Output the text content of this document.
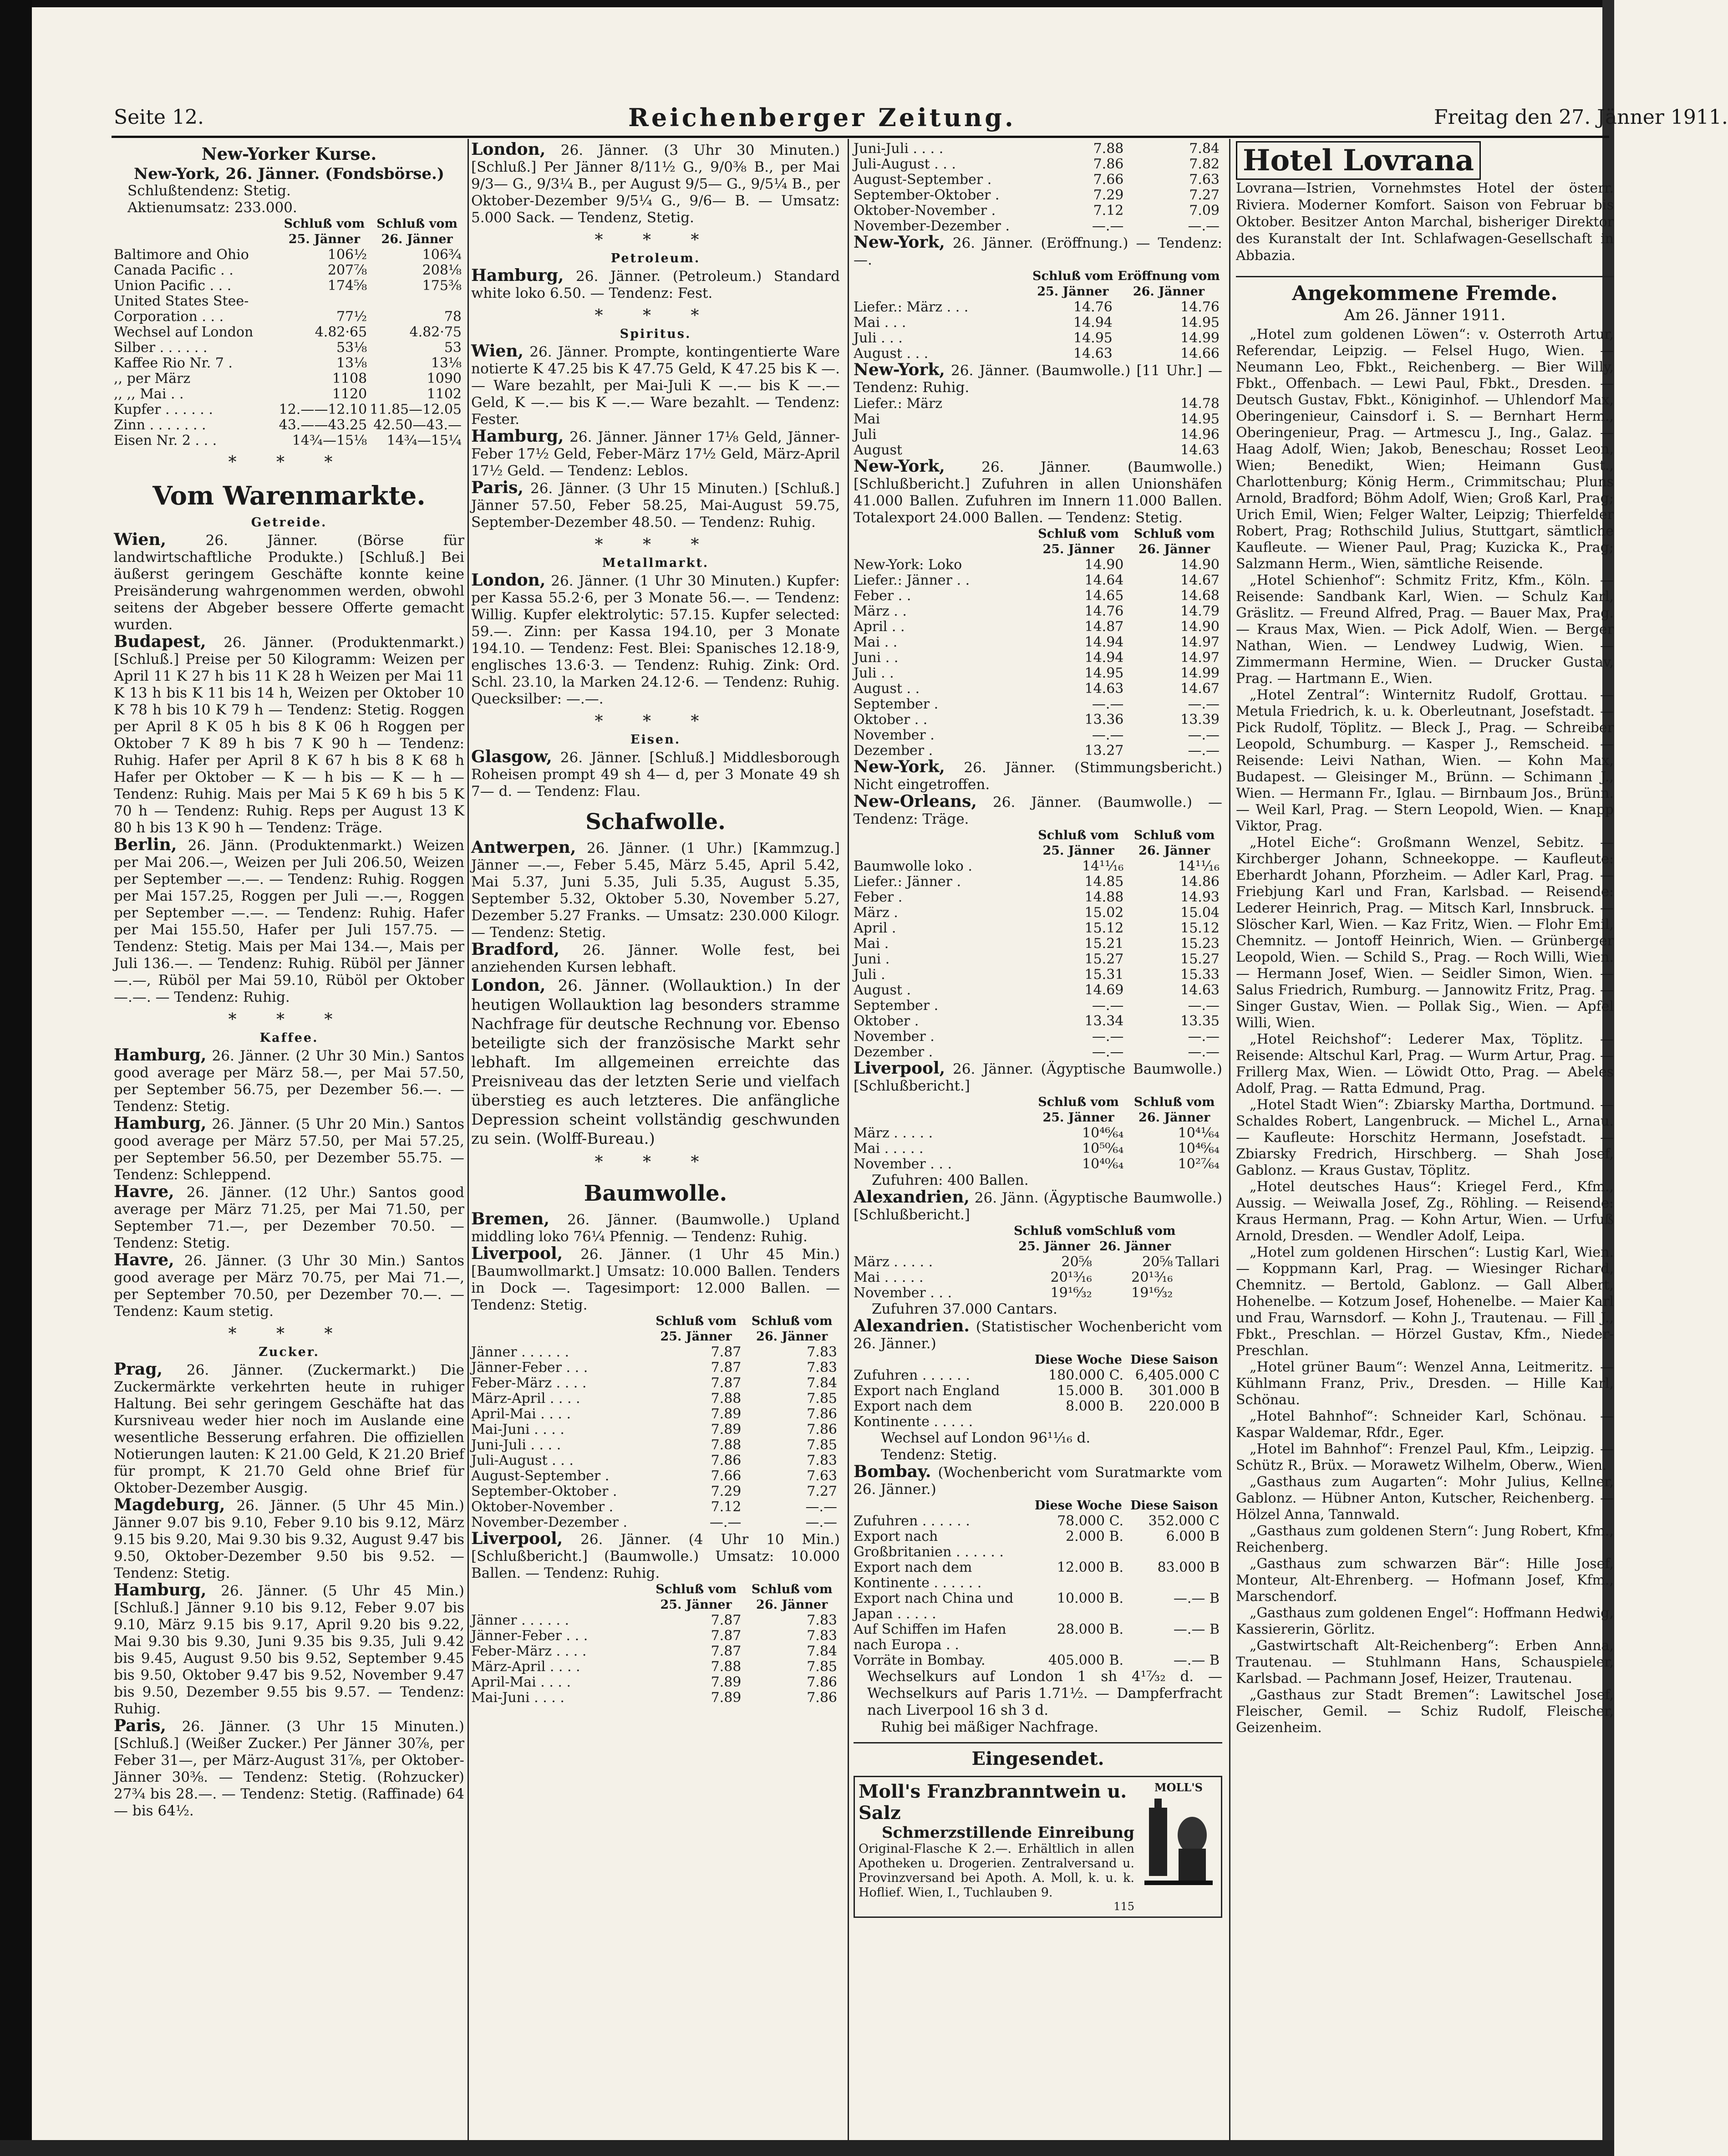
Seite 12.	Reichenberger Zeitung.	Freitag den 27. Jänner 1911.
New-Yorker Kurse.

New-York, 26. Jänner. (Fondsbörse.)

Schlußtendenz: Stetig.

Aktienumsatz: 233.000.

	Schluß vom
25. Jänner	Schluß vom
26. Jänner
Baltimore and Ohio	106½	106¾
Canada Pacific . .	207⅞	208⅛
Union Pacific . . .	174⅝	175⅜
United States Stee-		
Corporation . . .	77½	78
Wechsel auf London	4.82·65	4.82·75
Silber . . . . . .	53⅛	53
Kaffee Rio Nr. 7 .	13⅛	13⅛
,, per März	1108	1090
,, ,, Mai . .	1120	1102
Kupfer . . . . . .	12.——12.10	11.85—12.05
Zinn . . . . . . .	43.——43.25	42.50—43.—
Eisen Nr. 2 . . .	14¾—15⅛	14¾—15¼
* * *
Vom Warenmarkte.
Getreide.

Wien, 26. Jänner. (Börse für landwirtschaftliche Produkte.) [Schluß.] Bei äußerst geringem Geschäfte konnte keine Preisänderung wahrgenommen werden, obwohl seitens der Abgeber bessere Offerte gemacht wurden.

Budapest, 26. Jänner. (Produktenmarkt.) [Schluß.] Preise per 50 Kilogramm: Weizen per April 11 K 27 h bis 11 K 28 h Weizen per Mai 11 K 13 h bis K 11 bis 14 h, Weizen per Oktober 10 K 78 h bis 10 K 79 h — Tendenz: Stetig. Roggen per April 8 K 05 h bis 8 K 06 h Roggen per Oktober 7 K 89 h bis 7 K 90 h — Tendenz: Ruhig. Hafer per April 8 K 67 h bis 8 K 68 h Hafer per Oktober — K — h bis — K — h — Tendenz: Ruhig. Mais per Mai 5 K 69 h bis 5 K 70 h — Tendenz: Ruhig. Reps per August 13 K 80 h bis 13 K 90 h — Tendenz: Träge.

Berlin, 26. Jänn. (Produktenmarkt.) Weizen per Mai 206.—, Weizen per Juli 206.50, Weizen per September —.—. — Tendenz: Ruhig. Roggen per Mai 157.25, Roggen per Juli —.—, Roggen per September —.—. — Tendenz: Ruhig. Hafer per Mai 155.50, Hafer per Juli 157.75. — Tendenz: Stetig. Mais per Mai 134.—, Mais per Juli 136.—. — Tendenz: Ruhig. Rüböl per Jänner —.—, Rüböl per Mai 59.10, Rüböl per Oktober —.—. — Tendenz: Ruhig.

* * *
Kaffee.

Hamburg, 26. Jänner. (2 Uhr 30 Min.) Santos good average per März 58.—, per Mai 57.50, per September 56.75, per Dezember 56.—. — Tendenz: Stetig.

Hamburg, 26. Jänner. (5 Uhr 20 Min.) Santos good average per März 57.50, per Mai 57.25, per September 56.50, per Dezember 55.75. — Tendenz: Schleppend.

Havre, 26. Jänner. (12 Uhr.) Santos good average per März 71.25, per Mai 71.50, per September 71.—, per Dezember 70.50. — Tendenz: Stetig.

Havre, 26. Jänner. (3 Uhr 30 Min.) Santos good average per März 70.75, per Mai 71.—, per September 70.50, per Dezember 70.—. — Tendenz: Kaum stetig.

* * *
Zucker.

Prag, 26. Jänner. (Zuckermarkt.) Die Zuckermärkte verkehrten heute in ruhiger Haltung. Bei sehr geringem Geschäfte hat das Kursniveau weder hier noch im Auslande eine wesentliche Besserung erfahren. Die offiziellen Notierungen lauten: K 21.00 Geld, K 21.20 Brief für prompt, K 21.70 Geld ohne Brief für Oktober-Dezember Ausgig.

Magdeburg, 26. Jänner. (5 Uhr 45 Min.) Jänner 9.07 bis 9.10, Feber 9.10 bis 9.12, März 9.15 bis 9.20, Mai 9.30 bis 9.32, August 9.47 bis 9.50, Oktober-Dezember 9.50 bis 9.52. — Tendenz: Stetig.

Hamburg, 26. Jänner. (5 Uhr 45 Min.) [Schluß.] Jänner 9.10 bis 9.12, Feber 9.07 bis 9.10, März 9.15 bis 9.17, April 9.20 bis 9.22, Mai 9.30 bis 9.30, Juni 9.35 bis 9.35, Juli 9.42 bis 9.45, August 9.50 bis 9.52, September 9.45 bis 9.50, Oktober 9.47 bis 9.52, November 9.47 bis 9.50, Dezember 9.55 bis 9.57. — Tendenz: Ruhig.

Paris, 26. Jänner. (3 Uhr 15 Minuten.) [Schluß.] (Weißer Zucker.) Per Jänner 30⅞, per Feber 31—, per März-August 31⅞, per Oktober-Jänner 30⅜. — Tendenz: Stetig. (Rohzucker) 27¾ bis 28.—. — Tendenz: Stetig. (Raffinade) 64— bis 64½.

London, 26. Jänner. (3 Uhr 30 Minuten.) [Schluß.] Per Jänner 8/11½ G., 9/0⅜ B., per Mai 9/3— G., 9/3¼ B., per August 9/5— G., 9/5¼ B., per Oktober-Dezember 9/5¼ G., 9/6— B. — Umsatz: 5.000 Sack. — Tendenz, Stetig.

* * *
Petroleum.

Hamburg, 26. Jänner. (Petroleum.) Standard white loko 6.50. — Tendenz: Fest.

* * *
Spiritus.

Wien, 26. Jänner. Prompte, kontingentierte Ware notierte K 47.25 bis K 47.75 Geld, K 47.25 bis K —. — Ware bezahlt, per Mai-Juli K —.— bis K —.— Geld, K —.— bis K —.— Ware bezahlt. — Tendenz: Fester.

Hamburg, 26. Jänner. Jänner 17⅛ Geld, Jänner-Feber 17½ Geld, Feber-März 17½ Geld, März-April 17½ Geld. — Tendenz: Leblos.

Paris, 26. Jänner. (3 Uhr 15 Minuten.) [Schluß.] Jänner 57.50, Feber 58.25, Mai-August 59.75, September-Dezember 48.50. — Tendenz: Ruhig.

* * *
Metallmarkt.

London, 26. Jänner. (1 Uhr 30 Minuten.) Kupfer: per Kassa 55.2·6, per 3 Monate 56.—. — Tendenz: Willig. Kupfer elektrolytic: 57.15. Kupfer selected: 59.—. Zinn: per Kassa 194.10, per 3 Monate 194.10. — Tendenz: Fest. Blei: Spanisches 12.18·9, englisches 13.6·3. — Tendenz: Ruhig. Zink: Ord. Schl. 23.10, la Marken 24.12·6. — Tendenz: Ruhig. Quecksilber: —.—.

* * *
Eisen.

Glasgow, 26. Jänner. [Schluß.] Middlesborough Roheisen prompt 49 sh 4— d, per 3 Monate 49 sh 7— d. — Tendenz: Flau.

Schafwolle.

Antwerpen, 26. Jänner. (1 Uhr.) [Kammzug.] Jänner —.—, Feber 5.45, März 5.45, April 5.42, Mai 5.37, Juni 5.35, Juli 5.35, August 5.35, September 5.32, Oktober 5.30, November 5.27, Dezember 5.27 Franks. — Umsatz: 230.000 Kilogr. — Tendenz: Stetig.

Bradford, 26. Jänner. Wolle fest, bei anziehenden Kursen lebhaft.

London, 26. Jänner. (Wollauktion.) In der heutigen Wollauktion lag besonders stramme Nachfrage für deutsche Rechnung vor. Ebenso beteiligte sich der französische Markt sehr lebhaft. Im allgemeinen erreichte das Preisniveau das der letzten Serie und vielfach überstieg es auch letzteres. Die anfängliche Depression scheint vollständig geschwunden zu sein. (Wolff-Bureau.)

* * *
Baumwolle.

Bremen, 26. Jänner. (Baumwolle.) Upland middling loko 76¼ Pfennig. — Tendenz: Ruhig.

Liverpool, 26. Jänner. (1 Uhr 45 Min.) [Baumwollmarkt.] Umsatz: 10.000 Ballen. Tenders in Dock —. Tagesimport: 12.000 Ballen. — Tendenz: Stetig.

	Schluß vom
25. Jänner	Schluß vom
26. Jänner
Jänner . . . . . .	7.87	7.83
Jänner-Feber . . .	7.87	7.83
Feber-März . . . .	7.87	7.84
März-April . . . .	7.88	7.85
April-Mai . . . .	7.89	7.86
Mai-Juni . . . .	7.89	7.86
Juni-Juli . . . .	7.88	7.85
Juli-August . . .	7.86	7.83
August-September .	7.66	7.63
September-Oktober .	7.29	7.27
Oktober-November .	7.12	—.—
November-Dezember .	—.—	—.—

Liverpool, 26. Jänner. (4 Uhr 10 Min.) [Schlußbericht.] (Baumwolle.) Umsatz: 10.000 Ballen. — Tendenz: Ruhig.

	Schluß vom
25. Jänner	Schluß vom
26. Jänner
Jänner . . . . . .	7.87	7.83
Jänner-Feber . . .	7.87	7.83
Feber-März . . . .	7.87	7.84
März-April . . . .	7.88	7.85
April-Mai . . . .	7.89	7.86
Mai-Juni . . . .	7.89	7.86
Juni-Juli . . . .	7.88	7.84
Juli-August . . .	7.86	7.82
August-September .	7.66	7.63
September-Oktober .	7.29	7.27
Oktober-November .	7.12	7.09
November-Dezember .	—.—	—.—

New-York, 26. Jänner. (Eröffnung.) — Tendenz: —.

	Schluß vom
25. Jänner	Eröffnung vom
26. Jänner
Liefer.: März . . .	14.76	14.76
Mai . . .	14.94	14.95
Juli . . .	14.95	14.99
August . . .	14.63	14.66

New-York, 26. Jänner. (Baumwolle.) [11 Uhr.] — Tendenz: Ruhig.

Liefer.: März		14.78
Mai		14.95
Juli		14.96
August		14.63

New-York, 26. Jänner. (Baumwolle.) [Schlußbericht.] Zufuhren in allen Unionshäfen 41.000 Ballen. Zufuhren im Innern 11.000 Ballen. Totalexport 24.000 Ballen. — Tendenz: Stetig.

	Schluß vom
25. Jänner	Schluß vom
26. Jänner
New-York: Loko	14.90	14.90
Liefer.: Jänner . .	14.64	14.67
Feber . .	14.65	14.68
März . .	14.76	14.79
April . .	14.87	14.90
Mai . .	14.94	14.97
Juni . .	14.94	14.97
Juli . .	14.95	14.99
August . .	14.63	14.67
September .	—.—	—.—
Oktober . .	13.36	13.39
November .	—.—	—.—
Dezember .	13.27	—.—

New-York, 26. Jänner. (Stimmungsbericht.) Nicht eingetroffen.

New-Orleans, 26. Jänner. (Baumwolle.) — Tendenz: Träge.

	Schluß vom
25. Jänner	Schluß vom
26. Jänner
Baumwolle loko .	14¹¹⁄₁₆	14¹¹⁄₁₆
Liefer.: Jänner .	14.85	14.86
Feber .	14.88	14.93
März .	15.02	15.04
April .	15.12	15.12
Mai .	15.21	15.23
Juni .	15.27	15.27
Juli .	15.31	15.33
August .	14.69	14.63
September .	—.—	—.—
Oktober .	13.34	13.35
November .	—.—	—.—
Dezember .	—.—	—.—

Liverpool, 26. Jänner. (Ägyptische Baumwolle.) [Schlußbericht.]

	Schluß vom
25. Jänner	Schluß vom
26. Jänner
März . . . . .	10⁴⁶⁄₆₄	10⁴¹⁄₆₄
Mai . . . . .	10⁵⁰⁄₆₄	10⁴⁶⁄₆₄
November . . .	10⁴⁰⁄₆₄	10²⁷⁄₆₄

Zufuhren: 400 Ballen.

Alexandrien, 26. Jänn. (Ägyptische Baumwolle.) [Schlußbericht.]

	Schluß vom
25. Jänner	Schluß vom
26. Jänner	
März . . . . .	20⅝	20⅝	Tallari
Mai . . . . .	20¹³⁄₁₆	20¹³⁄₁₆	
November . . .	19¹⁶⁄₃₂	19¹⁶⁄₃₂	

Zufuhren 37.000 Cantars.

Alexandrien. (Statistischer Wochenbericht vom 26. Jänner.)

	Diese Woche	Diese Saison
Zufuhren . . . . . .	180.000 C.	6,405.000 C
Export nach England	15.000 B.	301.000 B
Export nach dem Kontinente . . . . .	8.000 B.	220.000 B

Wechsel auf London 96¹¹⁄₁₆ d.

Tendenz: Stetig.

Bombay. (Wochenbericht vom Suratmarkte vom 26. Jänner.)

	Diese Woche	Diese Saison
Zufuhren . . . . . .	78.000 C.	352.000 C
Export nach Großbritanien . . . . . .	2.000 B.	6.000 B
Export nach dem Kontinente . . . . . .	12.000 B.	83.000 B
Export nach China und Japan . . . . .	10.000 B.	—.— B
Auf Schiffen im Hafen nach Europa . .	28.000 B.	—.— B
Vorräte in Bombay.	405.000 B.	—.— B

Wechselkurs auf London 1 sh 4¹⁷⁄₃₂ d. — Wechselkurs auf Paris 1.71½. — Dampferfracht nach Liverpool 16 sh 3 d.

Ruhig bei mäßiger Nachfrage.

Eingesendet.
Moll's Franzbranntwein u. Salz
Schmerzstillende Einreibung
Original-Flasche K 2.—. Erhältlich in allen Apotheken u. Drogerien. Zentralversand u. Provinzversand bei Apoth. A. Moll, k. u. k. Hoflief. Wien, I., Tuchlauben 9.
115
MOLL'S
Hotel Lovrana

Lovrana—Istrien, Vornehmstes Hotel der österr. Riviera. Moderner Komfort. Saison von Februar bis Oktober. Besitzer Anton Marchal, bisheriger Direktor des Kuranstalt der Int. Schlafwagen-Gesellschaft in Abbazia.

Angekommene Fremde.
Am 26. Jänner 1911.

„Hotel zum goldenen Löwen“: v. Osterroth Artur, Referendar, Leipzig. — Felsel Hugo, Wien. — Neumann Leo, Fbkt., Reichenberg. — Bier Willy, Fbkt., Offenbach. — Lewi Paul, Fbkt., Dresden. — Deutsch Gustav, Fbkt., Königinhof. — Uhlendorf Max, Oberingenieur, Cainsdorf i. S. — Bernhart Herm., Oberingenieur, Prag. — Artmescu J., Ing., Galaz. — Haag Adolf, Wien; Jakob, Beneschau; Rosset Leon, Wien; Benedikt, Wien; Heimann Gust., Charlottenburg; König Herm., Crimmitschau; Pluns Arnold, Bradford; Böhm Adolf, Wien; Groß Karl, Prag; Urich Emil, Wien; Felger Walter, Leipzig; Thierfelder Robert, Prag; Rothschild Julius, Stuttgart, sämtliche Kaufleute. — Wiener Paul, Prag; Kuzicka K., Prag; Salzmann Herm., Wien, sämtliche Reisende.

„Hotel Schienhof“: Schmitz Fritz, Kfm., Köln. — Reisende: Sandbank Karl, Wien. — Schulz Karl, Gräslitz. — Freund Alfred, Prag. — Bauer Max, Prag. — Kraus Max, Wien. — Pick Adolf, Wien. — Berger Nathan, Wien. — Lendwey Ludwig, Wien. — Zimmermann Hermine, Wien. — Drucker Gustav, Prag. — Hartmann E., Wien.

„Hotel Zentral“: Winternitz Rudolf, Grottau. — Metula Friedrich, k. u. k. Oberleutnant, Josefstadt. — Pick Rudolf, Töplitz. — Bleck J., Prag. — Schreiber Leopold, Schumburg. — Kasper J., Remscheid. — Reisende: Leivi Nathan, Wien. — Kohn Max, Budapest. — Gleisinger M., Brünn. — Schimann J., Wien. — Hermann Fr., Iglau. — Birnbaum Jos., Brünn. — Weil Karl, Prag. — Stern Leopold, Wien. — Knapp Viktor, Prag.

„Hotel Eiche“: Großmann Wenzel, Sebitz. — Kirchberger Johann, Schneekoppe. — Kaufleute: Eberhardt Johann, Pforzheim. — Adler Karl, Prag. — Friebjung Karl und Fran, Karlsbad. — Reisende: Lederer Heinrich, Prag. — Mitsch Karl, Innsbruck. — Slöscher Karl, Wien. — Kaz Fritz, Wien. — Flohr Emil, Chemnitz. — Jontoff Heinrich, Wien. — Grünberger Leopold, Wien. — Schild S., Prag. — Roch Willi, Wien. — Hermann Josef, Wien. — Seidler Simon, Wien. — Salus Friedrich, Rumburg. — Jannowitz Fritz, Prag. — Singer Gustav, Wien. — Pollak Sig., Wien. — Apfel Willi, Wien.

„Hotel Reichshof“: Lederer Max, Töplitz. — Reisende: Altschul Karl, Prag. — Wurm Artur, Prag. — Frillerg Max, Wien. — Löwidt Otto, Prag. — Abeles Adolf, Prag. — Ratta Edmund, Prag.

„Hotel Stadt Wien“: Zbiarsky Martha, Dortmund. — Schaldes Robert, Langenbruck. — Michel L., Arnau. — Kaufleute: Horschitz Hermann, Josefstadt. — Zbiarsky Fredrich, Hirschberg. — Shah Josef, Gablonz. — Kraus Gustav, Töplitz.

„Hotel deutsches Haus“: Kriegel Ferd., Kfm., Aussig. — Weiwalla Josef, Zg., Röhling. — Reisende: Kraus Hermann, Prag. — Kohn Artur, Wien. — Urfuß Arnold, Dresden. — Wendler Adolf, Leipa.

„Hotel zum goldenen Hirschen“: Lustig Karl, Wien. — Koppmann Karl, Prag. — Wiesinger Richard, Chemnitz. — Bertold, Gablonz. — Gall Albert, Hohenelbe. — Kotzum Josef, Hohenelbe. — Maier Karl und Frau, Warnsdorf. — Kohn J., Trautenau. — Fill J., Fbkt., Preschlan. — Hörzel Gustav, Kfm., Nieder-Preschlan.

„Hotel grüner Baum“: Wenzel Anna, Leitmeritz. — Kühlmann Franz, Priv., Dresden. — Hille Karl, Schönau.

„Hotel Bahnhof“: Schneider Karl, Schönau. — Kaspar Waldemar, Rfdr., Eger.

„Hotel im Bahnhof“: Frenzel Paul, Kfm., Leipzig. — Schütz R., Brüx. — Morawetz Wilhelm, Oberw., Wien.

„Gasthaus zum Augarten“: Mohr Julius, Kellner, Gablonz. — Hübner Anton, Kutscher, Reichenberg. — Hölzel Anna, Tannwald.

„Gasthaus zum goldenen Stern“: Jung Robert, Kfm., Reichenberg.

„Gasthaus zum schwarzen Bär“: Hille Josef, Monteur, Alt-Ehrenberg. — Hofmann Josef, Kfm., Marschendorf.

„Gasthaus zum goldenen Engel“: Hoffmann Hedwig, Kassiererin, Görlitz.

„Gastwirtschaft Alt-Reichenberg“: Erben Anna, Trautenau. — Stuhlmann Hans, Schauspieler, Karlsbad. — Pachmann Josef, Heizer, Trautenau.

„Gasthaus zur Stadt Bremen“: Lawitschel Josef, Fleischer, Gemil. — Schiz Rudolf, Fleischer, Geizenheim.
